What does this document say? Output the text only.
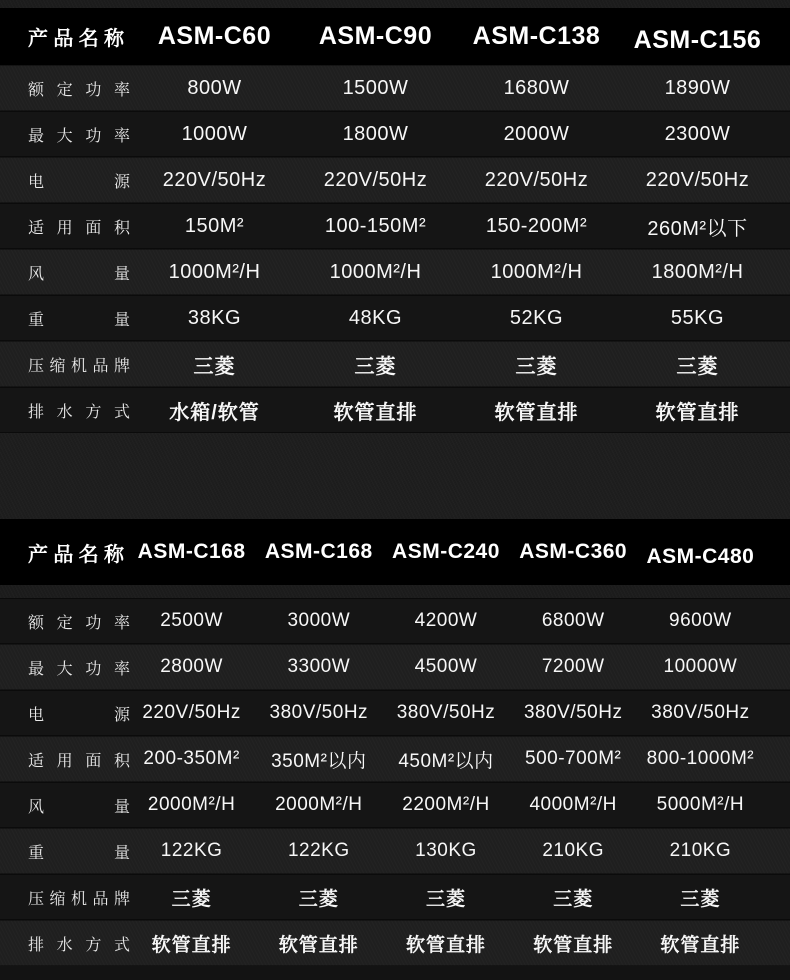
产品名称	ASM-C60	ASM-C90	ASM-C138	ASM-C156
额定功率	800W	1500W	1680W	1890W
最大功率	1000W	1800W	2000W	2300W
电源	220V/50Hz	220V/50Hz	220V/50Hz	220V/50Hz
适用面积	150M²	100-150M²	150-200M²	260M²以下
风量	1000M²/H	1000M²/H	1000M²/H	1800M²/H
重量	38KG	48KG	52KG	55KG
压缩机品牌	三菱	三菱	三菱	三菱
排水方式	水箱/软管	软管直排	软管直排	软管直排
产品名称 ASM-C168 ASM-C168 ASM-C240 ASM-C360 ASM-C480
额定功率	2500W	3000W	4200W	6800W	9600W
最大功率	2800W	3300W	4500W	7200W	10000W
电源 220V/50Hz	380V/50Hz	380V/50Hz	380V/50Hz	380V/50Hz
适用面积 200-350M²	350M²以内	450M²以内	500-700M²	800-1000M²
风量 2000M²/H	2000M²/H	2200M²/H	4000M²/H	5000M²/H
重量	122KG	122KG	130KG	210KG	210KG
压缩机品牌	三菱	三菱	三菱	三菱	三菱
排水方式	软管直排	软管直排	软管直排	软管直排	软管直排
